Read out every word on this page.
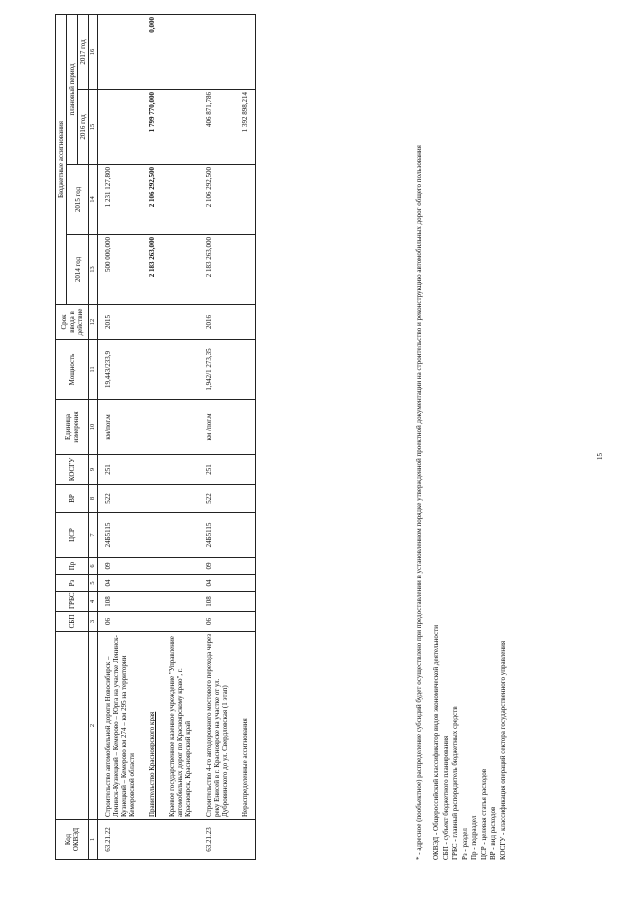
Код ОКВЭД		СБП	ГРБС	Рз	Пр	ЦСР	ВР	КОСГУ	Единица измерения	Мощность	Срок ввода в действие	Бюджетные ассигнования			
												2014 год	2015 год	плановый период	
														2016 год	2017 год
1	2	3	4	5	6	7	8	9	10	11	12	13	14	15	16
63.21.22	Строительство автомобильной дороги Новосибирск – Ленинск-Кузнецкий – Кемерово – Юрга на участке Ленинск-Кузнецкий – Кемерово км 274 – км 295 на территории Кемеровской области	06	108	04	09	24Б5115	522	251	км/пог.м	19,443/233,9	2015	500 000,000	1 231 127,800		
	Правительство Красноярского края											2 183 263,000	2 106 292,500	1 799 770,000	0,000
	Краевое государственное казенное учреждение "Управление автомобильных дорог по Красноярскому краю", г. Красноярск, Красноярский край														
63.21.23	Строительство 4-го автодорожного мостового перехода через реку Енисей в г. Красноярске на участке от ул. Дубровинского до ул. Свердловская (1 этап)	06	108	04	09	24Б5115	522	251	км /пог.м	1,942/1 273,35	2016	2 183 263,000	2 106 292,500	406 871,786	
	Нераспределенные ассигнования													1 392 898,214	
* - адресное (пообъектное) распределение субсидий будет осуществлено при предоставлении в установленном порядке утвержденной проектной документации на строительство и реконструкцию автомобильных дорог общего пользования ОКВЭД - Общероссийский классификатор видов экономической деятельности СБП - субъект бюджетного планирования ГРБС - главный распорядитель бюджетных средств Рз - раздел Пр - подраздел ЦСР - целевая статья расходов ВР - вид расходов КОСГУ - классификация операций сектора государственного управления
15
